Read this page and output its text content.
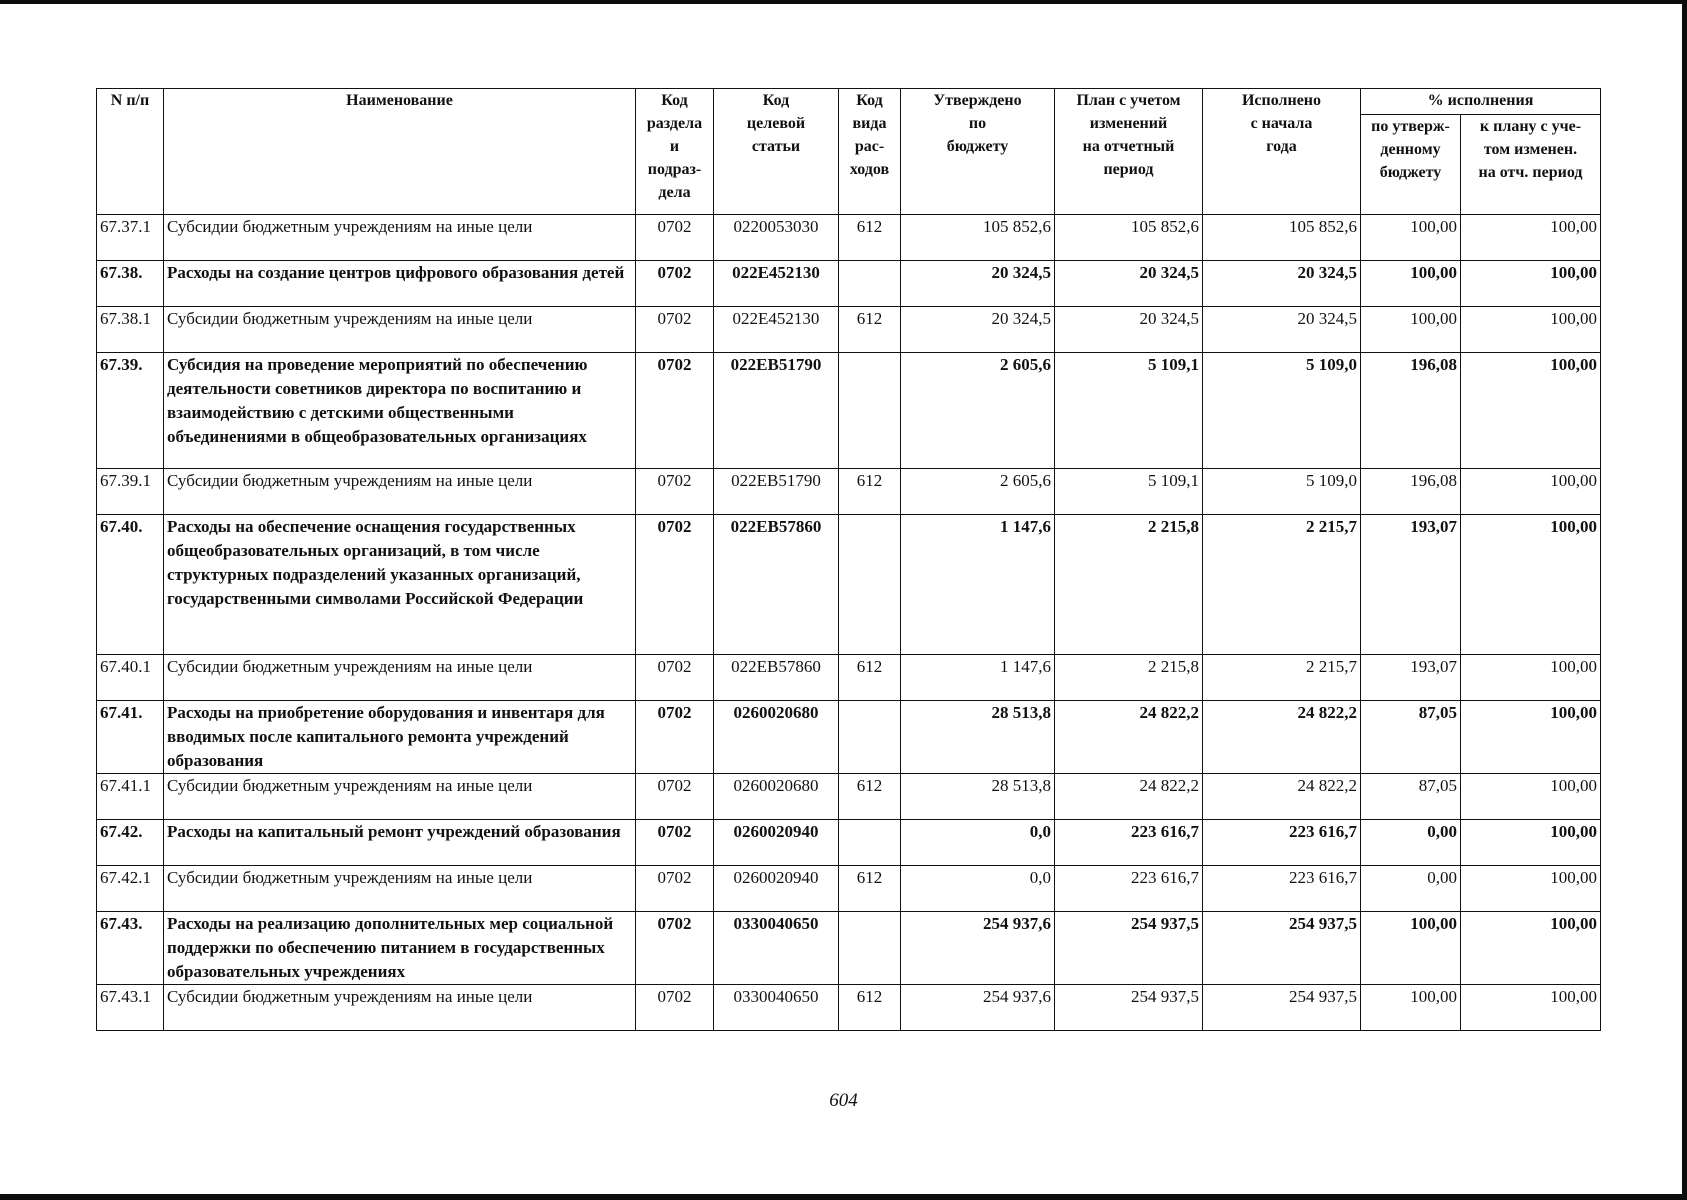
N п/п	Наименование	Код
раздела
и
подраз-
дела	Код
целевой
статьи	Код
вида
рас-
ходов	Утверждено
по
бюджету	План с учетом
изменений
на отчетный
период	Исполнено
с начала
года	% исполнения	
								по утверж-
денному
бюджету	к плану с уче-
том изменен.
на отч. период
67.37.1	Субсидии бюджетным учреждениям на иные цели	0702	0220053030	612	105 852,6	105 852,6	105 852,6	100,00	100,00
67.38.	Расходы на создание центров цифрового образования детей	0702	022E452130		20 324,5	20 324,5	20 324,5	100,00	100,00
67.38.1	Субсидии бюджетным учреждениям на иные цели	0702	022E452130	612	20 324,5	20 324,5	20 324,5	100,00	100,00
67.39.	Субсидия на проведение мероприятий по обеспечению деятельности советников директора по воспитанию и взаимодействию с детскими общественными объединениями в общеобразовательных организациях	0702	022EB51790		2 605,6	5 109,1	5 109,0	196,08	100,00
67.39.1	Субсидии бюджетным учреждениям на иные цели	0702	022EB51790	612	2 605,6	5 109,1	5 109,0	196,08	100,00
67.40.	Расходы на обеспечение оснащения государственных общеобразовательных организаций, в том числе структурных подразделений указанных организаций, государственными символами Российской Федерации	0702	022EB57860		1 147,6	2 215,8	2 215,7	193,07	100,00
67.40.1	Субсидии бюджетным учреждениям на иные цели	0702	022EB57860	612	1 147,6	2 215,8	2 215,7	193,07	100,00
67.41.	Расходы на приобретение оборудования и инвентаря для вводимых после капитального ремонта учреждений образования	0702	0260020680		28 513,8	24 822,2	24 822,2	87,05	100,00
67.41.1	Субсидии бюджетным учреждениям на иные цели	0702	0260020680	612	28 513,8	24 822,2	24 822,2	87,05	100,00
67.42.	Расходы на капитальный ремонт учреждений образования	0702	0260020940		0,0	223 616,7	223 616,7	0,00	100,00
67.42.1	Субсидии бюджетным учреждениям на иные цели	0702	0260020940	612	0,0	223 616,7	223 616,7	0,00	100,00
67.43.	Расходы на реализацию дополнительных мер социальной поддержки по обеспечению питанием в государственных образовательных учреждениях	0702	0330040650		254 937,6	254 937,5	254 937,5	100,00	100,00
67.43.1	Субсидии бюджетным учреждениям на иные цели	0702	0330040650	612	254 937,6	254 937,5	254 937,5	100,00	100,00
604
